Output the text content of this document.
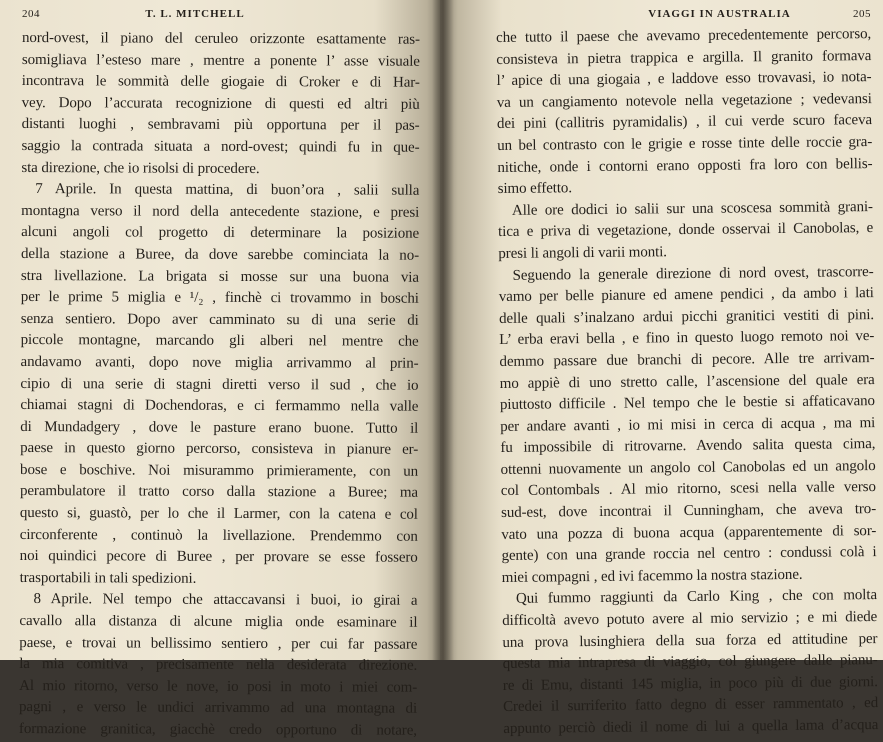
204	T. L. MITCHELL
nord-ovest, il piano del ceruleo orizzonte esattamente ras-
somigliava l’esteso mare , mentre a ponente l’ asse visuale
incontrava le sommità delle giogaie di Croker e di Har-
vey. Dopo l’accurata recognizione di questi ed altri più
distanti luoghi , sembravami più opportuna per il pas-
saggio la contrada situata a nord-ovest; quindi fu in que-
sta direzione, che io risolsi di procedere.
7 Aprile. In questa mattina, di buon’ora , salii sulla
montagna verso il nord della antecedente stazione, e presi
alcuni angoli col progetto di determinare la posizione
della stazione a Buree, da dove sarebbe cominciata la no-
stra livellazione. La brigata si mosse sur una buona via
per le prime 5 miglia e ¹/₂ , finchè ci trovammo in boschi
senza sentiero. Dopo aver camminato su di una serie di
piccole montagne, marcando gli alberi nel mentre che
andavamo avanti, dopo nove miglia arrivammo al prin-
cipio di una serie di stagni diretti verso il sud , che io
chiamai stagni di Dochendoras, e ci fermammo nella valle
di Mundadgery , dove le pasture erano buone. Tutto il
paese in questo giorno percorso, consisteva in pianure er-
bose e boschive. Noi misurammo primieramente, con un
perambulatore il tratto corso dalla stazione a Buree; ma
questo si, guastò, per lo che il Larmer, con la catena e col
circonferente , continuò la livellazione. Prendemmo con
noi quindici pecore di Buree , per provare se esse fossero
trasportabili in tali spedizioni.
8 Aprile. Nel tempo che attaccavansi i buoi, io girai a
cavallo alla distanza di alcune miglia onde esaminare il
paese, e trovai un bellissimo sentiero , per cui far passare
la mia comitiva , precisamente nella desiderata direzione.
Al mio ritorno, verso le nove, io posi in moto i miei com-
pagni , e verso le undici arrivammo ad una montagna di
formazione granitica, giacchè credo opportuno di notare,
VIAGGI IN AUSTRALIA	205
che tutto il paese che avevamo precedentemente percorso,
consisteva in pietra trappica e argilla. Il granito formava
l’ apice di una giogaia , e laddove esso trovavasi, io nota-
va un cangiamento notevole nella vegetazione ; vedevansi
dei pini (callitris pyramidalis) , il cui verde scuro faceva
un bel contrasto con le grigie e rosse tinte delle roccie gra-
nitiche, onde i contorni erano opposti fra loro con bellis-
simo effetto.
Alle ore dodici io salii sur una scoscesa sommità grani-
tica e priva di vegetazione, donde osservai il Canobolas, e
presi li angoli di varii monti.
Seguendo la generale direzione di nord ovest, trascorre-
vamo per belle pianure ed amene pendici , da ambo i lati
delle quali s’inalzano ardui picchi granitici vestiti di pini.
L’ erba eravi bella , e fino in questo luogo remoto noi ve-
demmo passare due branchi di pecore. Alle tre arrivam-
mo appiè di uno stretto calle, l’ascensione del quale era
piuttosto difficile . Nel tempo che le bestie si affaticavano
per andare avanti , io mi misi in cerca di acqua , ma mi
fu impossibile di ritrovarne. Avendo salita questa cima,
ottenni nuovamente un angolo col Canobolas ed un angolo
col Contombals . Al mio ritorno, scesi nella valle verso
sud-est, dove incontrai il Cunningham, che aveva tro-
vato una pozza di buona acqua (apparentemente di sor-
gente) con una grande roccia nel centro : condussi colà i
miei compagni , ed ivi facemmo la nostra stazione.
Qui fummo raggiunti da Carlo King , che con molta
difficoltà avevo potuto avere al mio servizio ; e mi diede
una prova lusinghiera della sua forza ed attitudine per
questa mia intrapresa di viaggio, col giungere dalle pianu-
re di Emu, distanti 145 miglia, in poco più di due giorni.
Credei il surriferito fatto degno di esser rammentato , ed
appunto perciò diedi il nome di lui a quella lama d’acqua
